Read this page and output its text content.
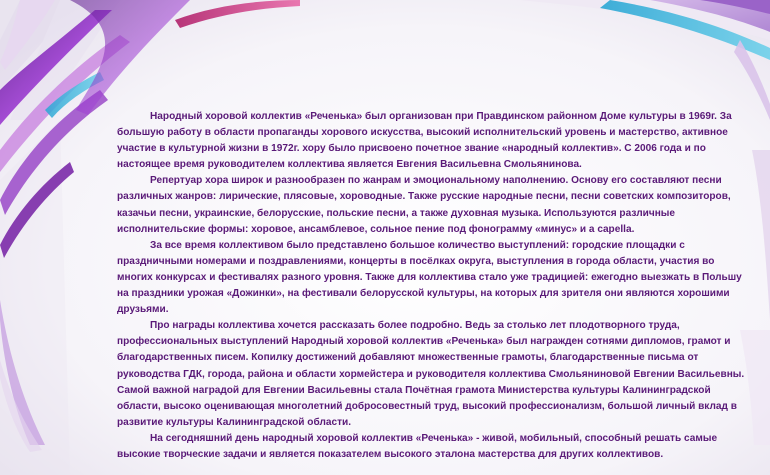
Народный хоровой коллектив «Реченька» был организован при Правдинском районном Доме культуры в 1969г. За большую работу в области пропаганды хорового искусства, высокий исполнительский уровень и мастерство, активное участие в культурной жизни в 1972г. хору было присвоено почетное звание «народный коллектив». С 2006 года и по настоящее время руководителем коллектива является Евгения Васильевна Смольянинова.

Репертуар хора широк и разнообразен по жанрам и эмоциональному наполнению. Основу его составляют песни различных жанров: лирические, плясовые, хороводные. Также русские народные песни, песни советских композиторов, казачьи песни, украинские, белорусские, польские песни, а также духовная музыка. Используются различные исполнительские формы: хоровое, ансамблевое, сольное пение под фонограмму «минус» и a capella.

За все время коллективом было представлено большое количество выступлений: городские площадки с праздничными номерами и поздравлениями, концерты в посёлках округа, выступления в города области, участия во многих конкурсах и фестивалях разного уровня. Также для коллектива стало уже традицией: ежегодно выезжать в Польшу на праздники урожая «Дожинки», на фестивали белорусской культуры, на которых для зрителя они являются хорошими друзьями.

Про награды коллектива хочется рассказать более подробно. Ведь за столько лет плодотворного труда, профессиональных выступлений Народный хоровой коллектив «Реченька» был награжден сотнями дипломов, грамот и благодарственных писем. Копилку достижений добавляют множественные грамоты, благодарственные письма от руководства ГДК, города, района и области хормейстера и руководителя коллектива Смольяниновой Евгении Васильевны. Самой важной наградой для Евгении Васильевны стала Почётная грамота Министерства культуры Калининградской области, высоко оценивающая многолетний добросовестный труд, высокий профессионализм, большой личный вклад в развитие культуры Калининградской области.

На сегодняшний день народный хоровой коллектив «Реченька» - живой, мобильный, способный решать самые высокие творческие задачи и является показателем высокого эталона мастерства для других коллективов.
